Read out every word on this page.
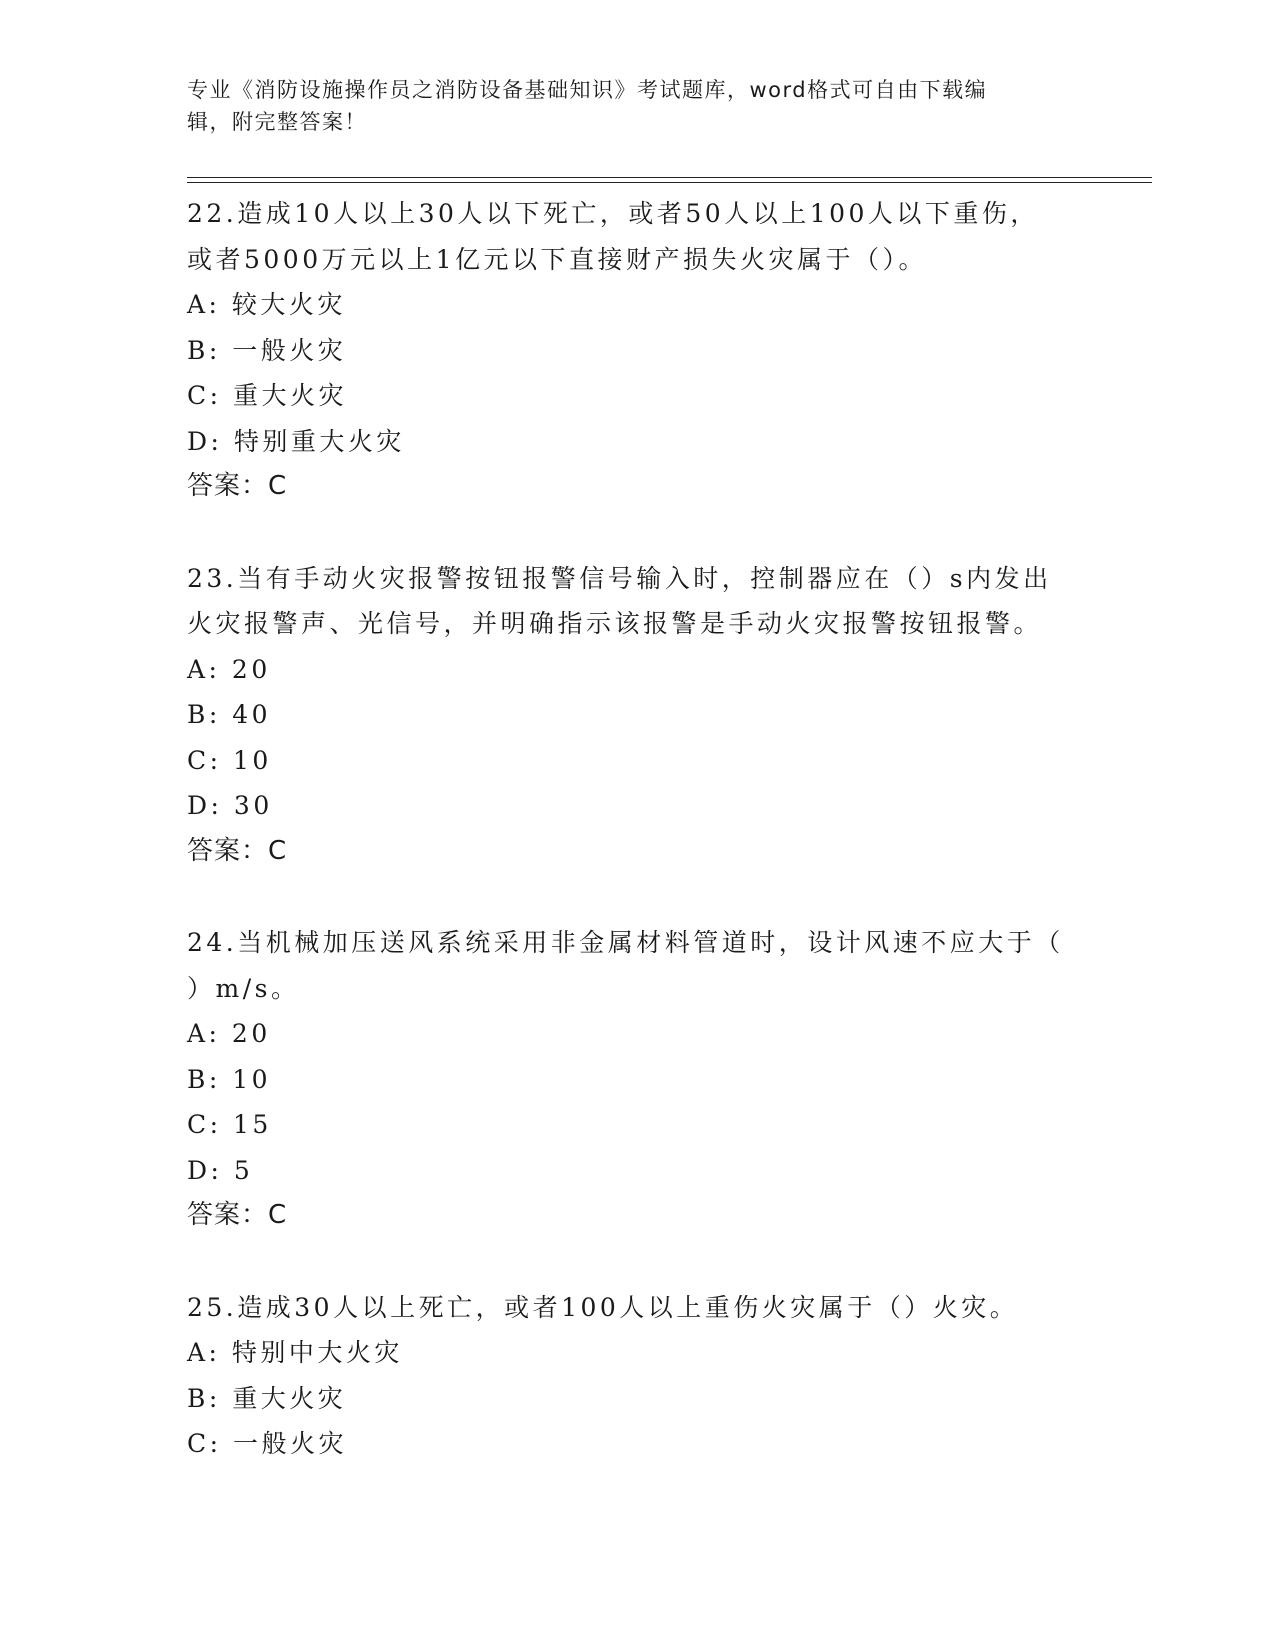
专业《消防设施操作员之消防设备基础知识》考试题库，word格式可自由下载编
辑，附完整答案！

22.造成10人以上30人以下死亡，或者50人以上100人以下重伤，
或者5000万元以上1亿元以下直接财产损失火灾属于（）。

A: 较大火灾

B: 一般火灾

C: 重大火灾

D: 特别重大火灾

答案：C

23.当有手动火灾报警按钮报警信号输入时，控制器应在（）s内发出
火灾报警声、光信号，并明确指示该报警是手动火灾报警按钮报警。

A: 20

B: 40

C: 10

D: 30

答案：C

24.当机械加压送风系统采用非金属材料管道时，设计风速不应大于（
）m/s。

A: 20

B: 10

C: 15

D: 5

答案：C

25.造成30人以上死亡，或者100人以上重伤火灾属于（）火灾。

A: 特别中大火灾

B: 重大火灾

C: 一般火灾
